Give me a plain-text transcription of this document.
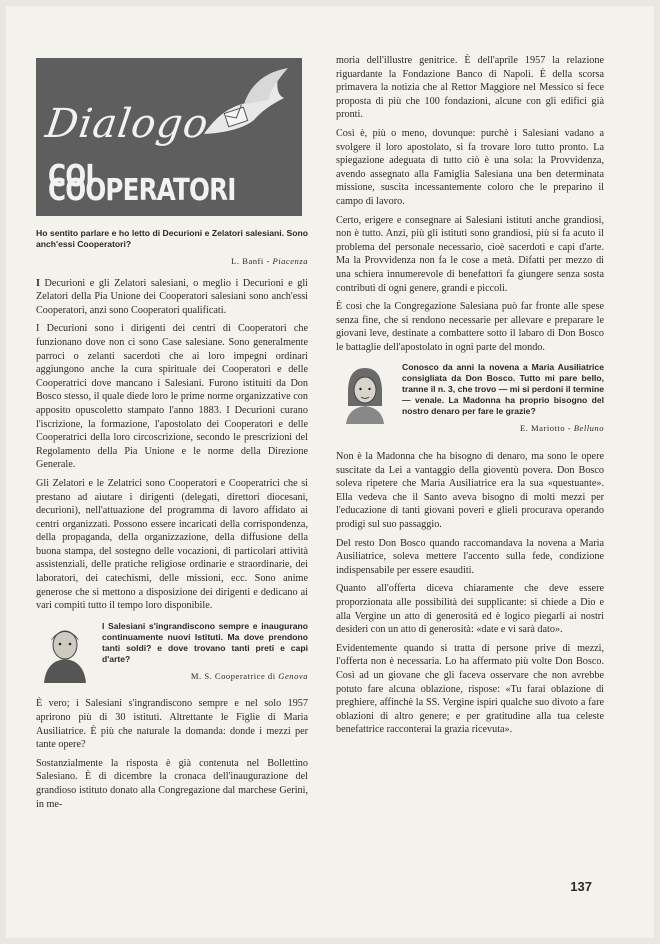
Dialogo
COI COOPERATORI

Ho sentito parlare e ho letto di Decurioni e Zelatori salesiani. Sono anch'essi Cooperatori?

L. Banfi - Piacenza

I Decurioni e gli Zelatori salesiani, o meglio i Decurioni e gli Zelatori della Pia Unione dei Cooperatori salesiani sono anch'essi Cooperatori, anzi sono Cooperatori qualificati.

I Decurioni sono i dirigenti dei centri di Cooperatori che funzionano dove non ci sono Case salesiane. Sono generalmente parroci o zelanti sacerdoti che ai loro impegni ordinari aggiungono anche la cura spirituale dei Cooperatori e delle Cooperatrici dove mancano i Salesiani. Furono istituiti da Don Bosco stesso, il quale diede loro le prime norme organizzative con apposito opuscoletto stampato l'anno 1883. I Decurioni curano l'iscrizione, la formazione, l'apostolato dei Cooperatori e delle Cooperatrici della loro circoscrizione, secondo le prescrizioni del Regolamento della Pia Unione e le norme della Direzione Generale.

Gli Zelatori e le Zelatrici sono Cooperatori e Cooperatrici che si prestano ad aiutare i dirigenti (delegati, direttori diocesani, decurioni), nell'attuazione del programma di lavoro affidato ai centri organizzati. Possono essere incaricati della corrispondenza, della propaganda, della organizzazione, della diffusione della buona stampa, del sostegno delle vocazioni, di particolari attività assistenziali, delle pratiche religiose ordinarie e straordinarie, dei laboratori, dei catechismi, delle missioni, ecc. Sono anime generose che si mettono a disposizione dei dirigenti e dedicano ai vari compiti tutto il tempo loro disponibile.

I Salesiani s'ingrandiscono sempre e inaugurano continuamente nuovi Istituti. Ma dove prendono tanti soldi? e dove trovano tanti preti e capi d'arte?

M. S. Cooperatrice di Genova

È vero; i Salesiani s'ingrandiscono sempre e nel solo 1957 aprirono più di 30 istituti. Altrettante le Figlie di Maria Ausiliatrice. È più che naturale la domanda: donde i mezzi per tante opere?

Sostanzialmente la risposta è già contenuta nel Bollettino Salesiano. È di dicembre la cronaca dell'inaugurazione del grandioso istituto donato alla Congregazione dal marchese Gerini, in me-

moria dell'illustre genitrice. È dell'aprile 1957 la relazione riguardante la Fondazione Banco di Napoli. È della scorsa primavera la notizia che al Rettor Maggiore nel Messico si fece proposta di più che 100 fondazioni, alcune con gli edifici già pronti.

Così è, più o meno, dovunque: purchè i Salesiani vadano a svolgere il loro apostolato, si fa trovare loro tutto pronto. La spiegazione adeguata di tutto ciò è una sola: la Provvidenza, avendo assegnato alla Famiglia Salesiana una ben determinata missione, suscita incessantemente coloro che le preparino il campo di lavoro.

Certo, erigere e consegnare ai Salesiani istituti anche grandiosi, non è tutto. Anzi, più gli istituti sono grandiosi, più si fa acuto il problema del personale necessario, cioè sacerdoti e capi d'arte. Ma la Provvidenza non fa le cose a metà. Difatti per mezzo di una schiera innumerevole di benefattori fa giungere senza sosta contributi di ogni genere, grandi e piccoli.

È così che la Congregazione Salesiana può far fronte alle spese senza fine, che si rendono necessarie per allevare e preparare le giovani leve, destinate a combattere sotto il labaro di Don Bosco le battaglie dell'apostolato in ogni parte del mondo.

Conosco da anni la novena a Maria Ausiliatrice consigliata da Don Bosco. Tutto mi pare bello, tranne il n. 3, che trovo — mi si perdoni il termine — venale. La Madonna ha proprio bisogno del nostro denaro per fare le grazie?

E. Mariotto - Belluno

Non è la Madonna che ha bisogno di denaro, ma sono le opere suscitate da Lei a vantaggio della gioventù povera. Don Bosco soleva ripetere che Maria Ausiliatrice era la sua «questuante». Ella vedeva che il Santo aveva bisogno di molti mezzi per l'educazione di tanti giovani poveri e glieli procurava operando prodigi sul suo passaggio.

Del resto Don Bosco quando raccomandava la novena a Maria Ausiliatrice, soleva mettere l'accento sulla fede, condizione indispensabile per essere esauditi.

Quanto all'offerta diceva chiaramente che deve essere proporzionata alle possibilità dei supplicante: si chiede a Dio e alla Vergine un atto di generosità ed è logico piegarli ai nostri desideri con un atto di generosità: «date e vi sarà dato».

Evidentemente quando si tratta di persone prive di mezzi, l'offerta non è necessaria. Lo ha affermato più volte Don Bosco. Così ad un giovane che gli faceva osservare che non avrebbe potuto fare alcuna oblazione, rispose: «Tu farai oblazione di preghiere, affinchè la SS. Vergine ispiri qualche suo divoto a fare oblazioni di altro genere; e per gratitudine alla tua celeste benefattrice racconterai la grazia ricevuta».

137
